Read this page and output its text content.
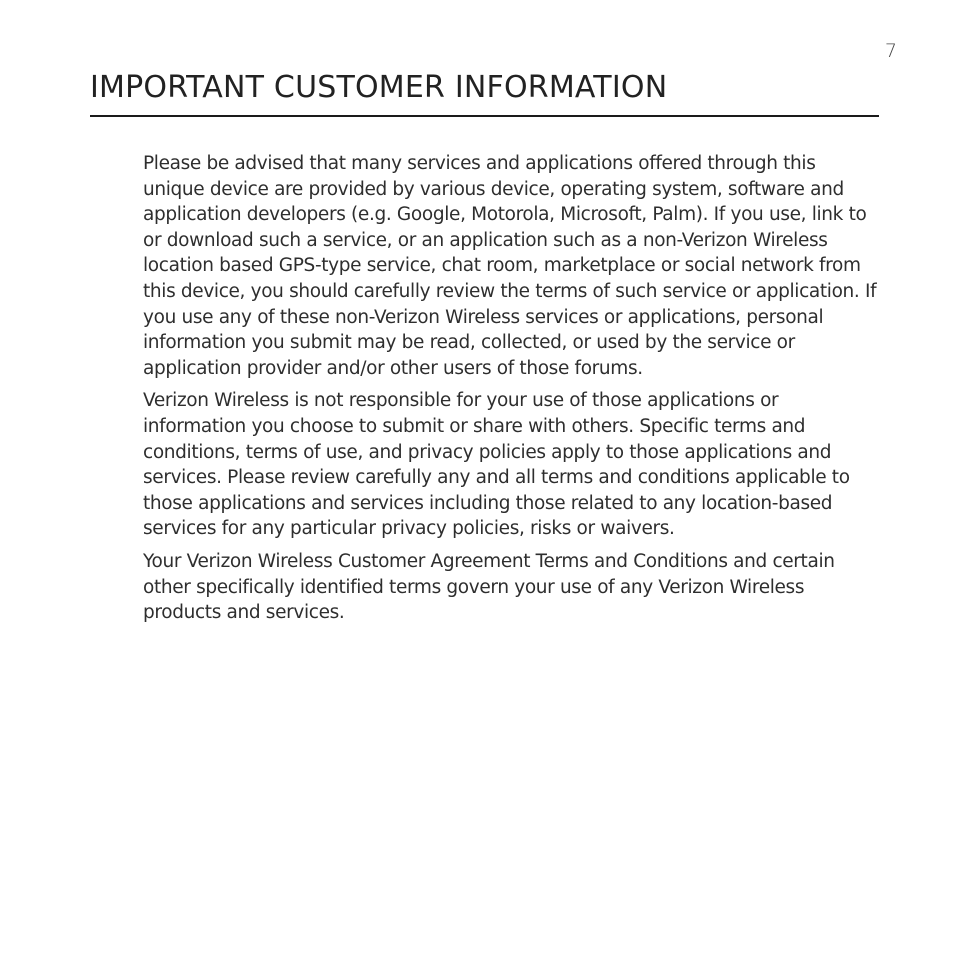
7
IMPORTANT CUSTOMER INFORMATION

Please be advised that many services and applications offered through this unique device are provided by various device, operating system, software and application developers (e.g. Google, Motorola, Microsoft, Palm). If you use, link to or download such a service, or an application such as a non-Verizon Wireless location based GPS-type service, chat room, marketplace or social network from this device, you should carefully review the terms of such service or application. If you use any of these non-Verizon Wireless services or applications, personal information you submit may be read, collected, or used by the service or application provider and/or other users of those forums.

Verizon Wireless is not responsible for your use of those applications or information you choose to submit or share with others. Specific terms and conditions, terms of use, and privacy policies apply to those applications and services. Please review carefully any and all terms and conditions applicable to those applications and services including those related to any location-based services for any particular privacy policies, risks or waivers.

Your Verizon Wireless Customer Agreement Terms and Conditions and certain other specifically identified terms govern your use of any Verizon Wireless products and services.
